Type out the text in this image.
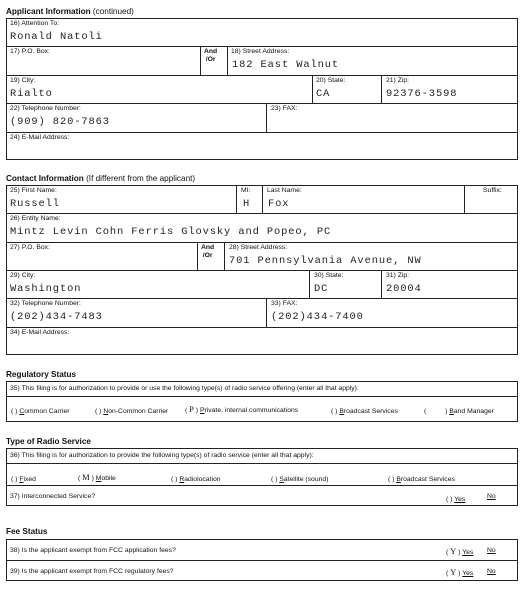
Applicant Information (continued)
16) Attention To:
Ronald Natoli
17) P.O. Box:	And
/Or
18) Street Address:
182 East Walnut
19) City:
Rialto
20) State:
CA
21) Zip:
92376-3598
22) Telephone Number:
(909) 820-7863
23) FAX:
24) E-Mail Address:
Contact Information (If different from the applicant)
25) First Name:
Russell
MI:
H
Last Name:
Fox
Suffix:
26) Entity Name:
Mintz Levin Cohn Ferris Glovsky and Popeo, PC
27) P.O. Box:	And
/Or
28) Street Address:
701 Pennsylvania Avenue, NW
29) City:
Washington
30) State:
DC
31) Zip:
20004
32) Telephone Number:
(202)434-7483
33) FAX:
(202)434-7400
34) E-Mail Address:
Regulatory Status
35) This filing is for authorization to provide or use the following type(s) of radio service offering (enter all that apply):
( ) Common Carrier	( ) Non-Common Carrier ( P ) Private, internal communications	( ) Broadcast Services	(          ) Band Manager
Type of Radio Service
36) This filing is for authorization to provide the following type(s) of radio service (enter all that apply):
( ) Fixed	( M ) Mobile	( ) Radiolocation	( ) Satellite (sound)	( ) Broadcast Services
37) Interconnected Service?	( ) Yes	No
Fee Status
38) Is the applicant exempt from FCC application fees?	( Y ) Yes No
39) Is the applicant exempt from FCC regulatory fees?	( Y ) Yes No
